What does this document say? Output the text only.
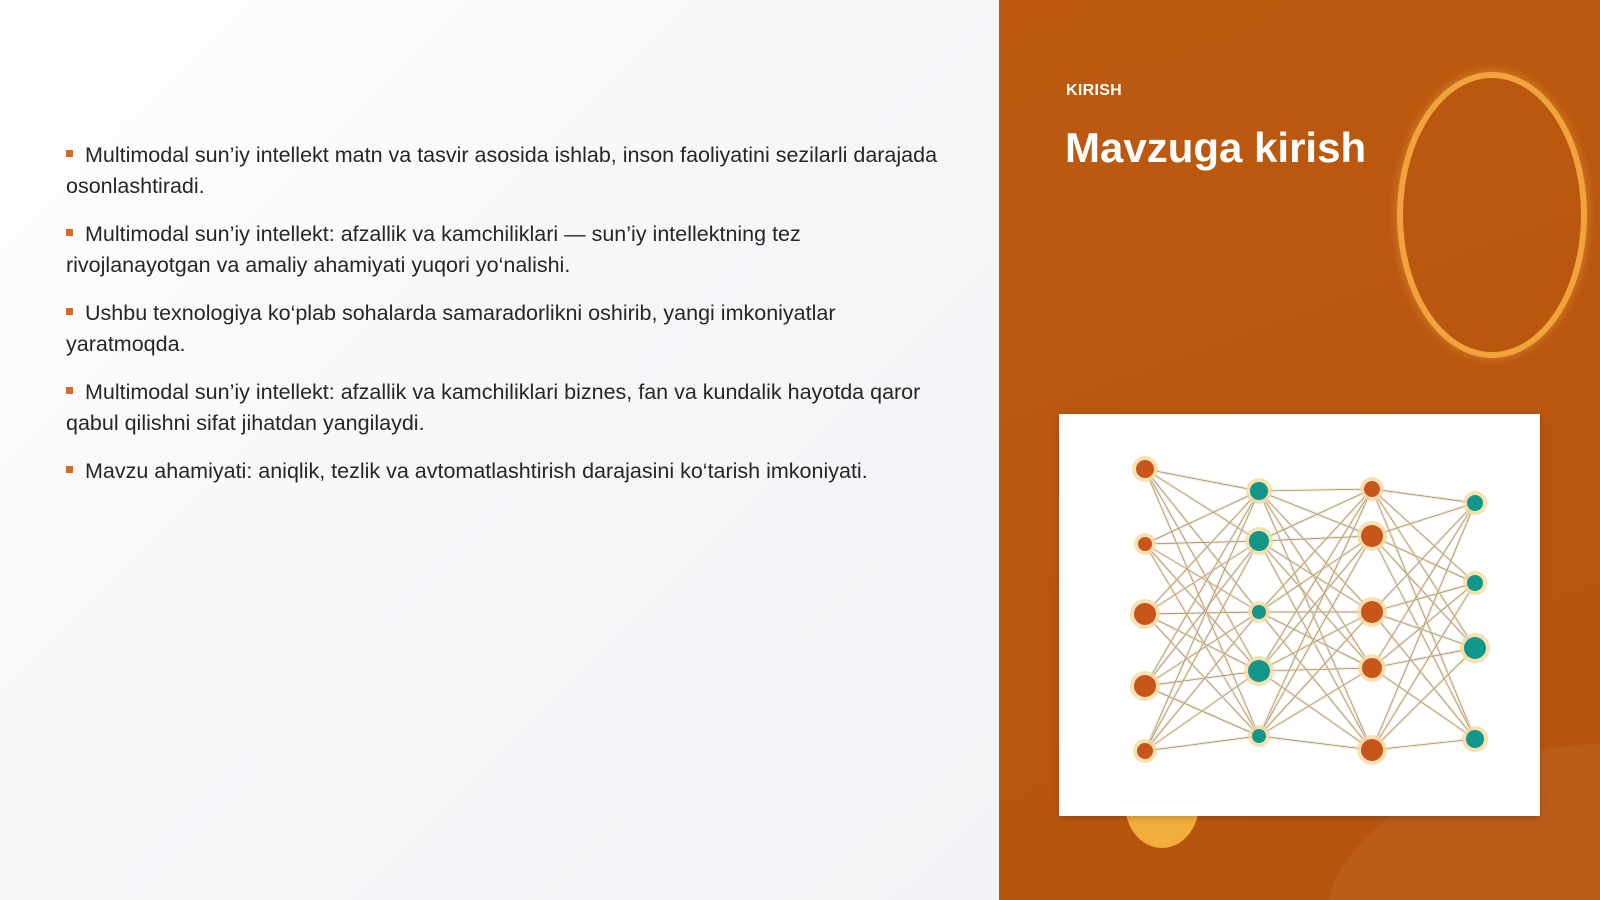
Multimodal sun’iy intellekt matn va tasvir asosida ishlab, inson faoliyatini sezilarli darajada osonlashtiradi.
Multimodal sun’iy intellekt: afzallik va kamchiliklari — sun’iy intellektning tez rivojlanayotgan va amaliy ahamiyati yuqori yo‘nalishi.
Ushbu texnologiya ko‘plab sohalarda samaradorlikni oshirib, yangi imkoniyatlar yaratmoqda.
Multimodal sun’iy intellekt: afzallik va kamchiliklari biznes, fan va kundalik hayotda qaror qabul qilishni sifat jihatdan yangilaydi.
Mavzu ahamiyati: aniqlik, tezlik va avtomatlashtirish darajasini ko‘tarish imkoniyati.
KIRISH
Mavzuga kirish
